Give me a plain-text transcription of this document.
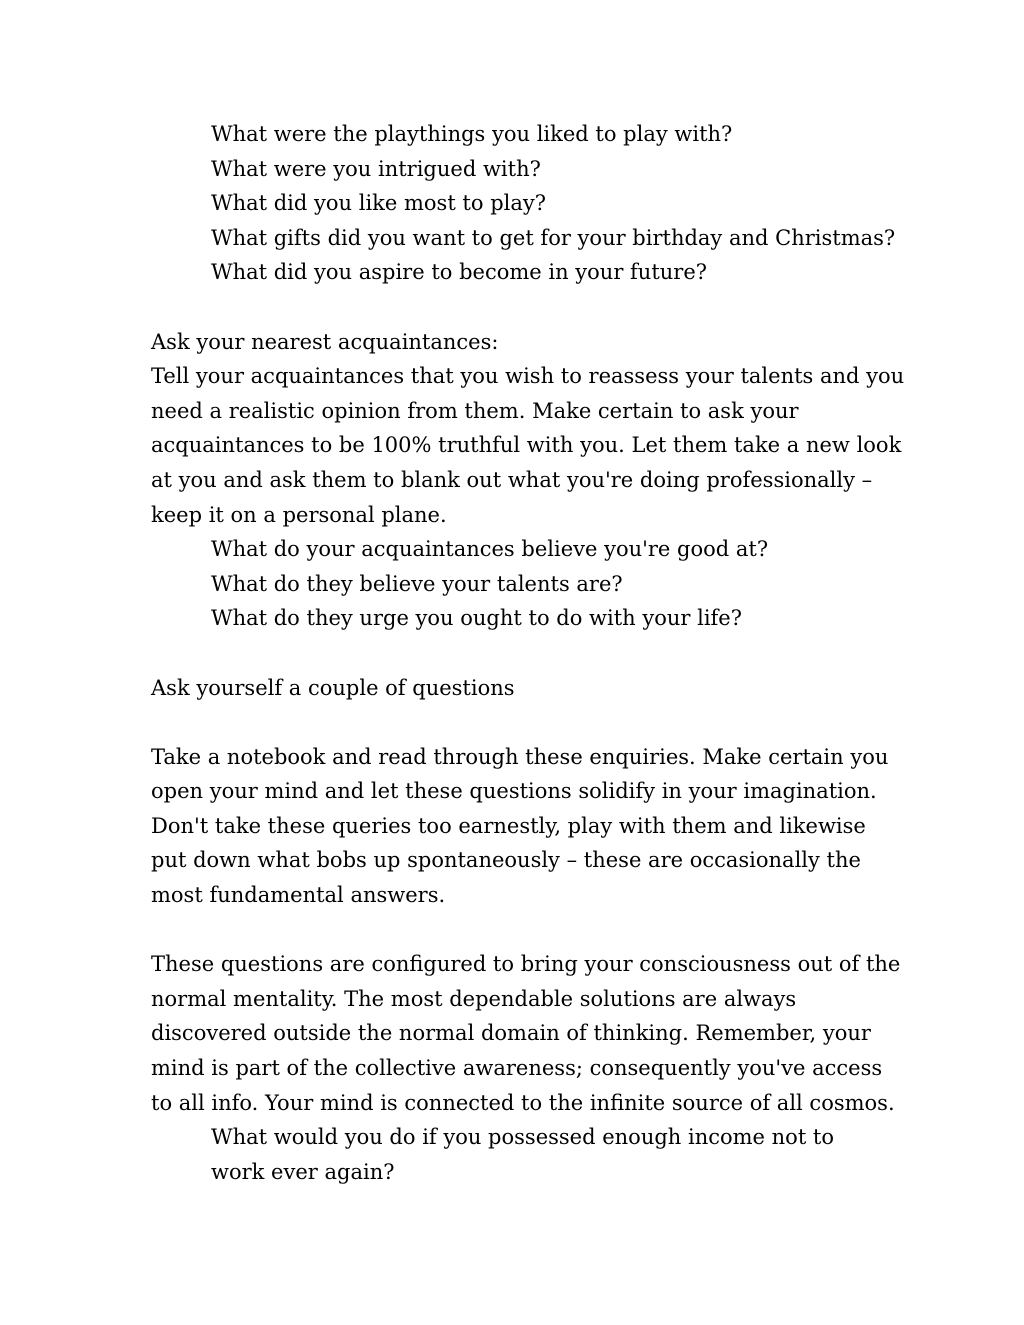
What were the playthings you liked to play with?
What were you intrigued with?
What did you like most to play?
What gifts did you want to get for your birthday and Christmas?
What did you aspire to become in your future?
Ask your nearest acquaintances:
Tell your acquaintances that you wish to reassess your talents and you
need a realistic opinion from them. Make certain to ask your
acquaintances to be 100% truthful with you. Let them take a new look
at you and ask them to blank out what you're doing professionally –
keep it on a personal plane.
What do your acquaintances believe you're good at?
What do they believe your talents are?
What do they urge you ought to do with your life?
Ask yourself a couple of questions
Take a notebook and read through these enquiries. Make certain you
open your mind and let these questions solidify in your imagination.
Don't take these queries too earnestly, play with them and likewise
put down what bobs up spontaneously – these are occasionally the
most fundamental answers.
These questions are configured to bring your consciousness out of the
normal mentality. The most dependable solutions are always
discovered outside the normal domain of thinking. Remember, your
mind is part of the collective awareness; consequently you've access
to all info. Your mind is connected to the infinite source of all cosmos.
What would you do if you possessed enough income not to
work ever again?
